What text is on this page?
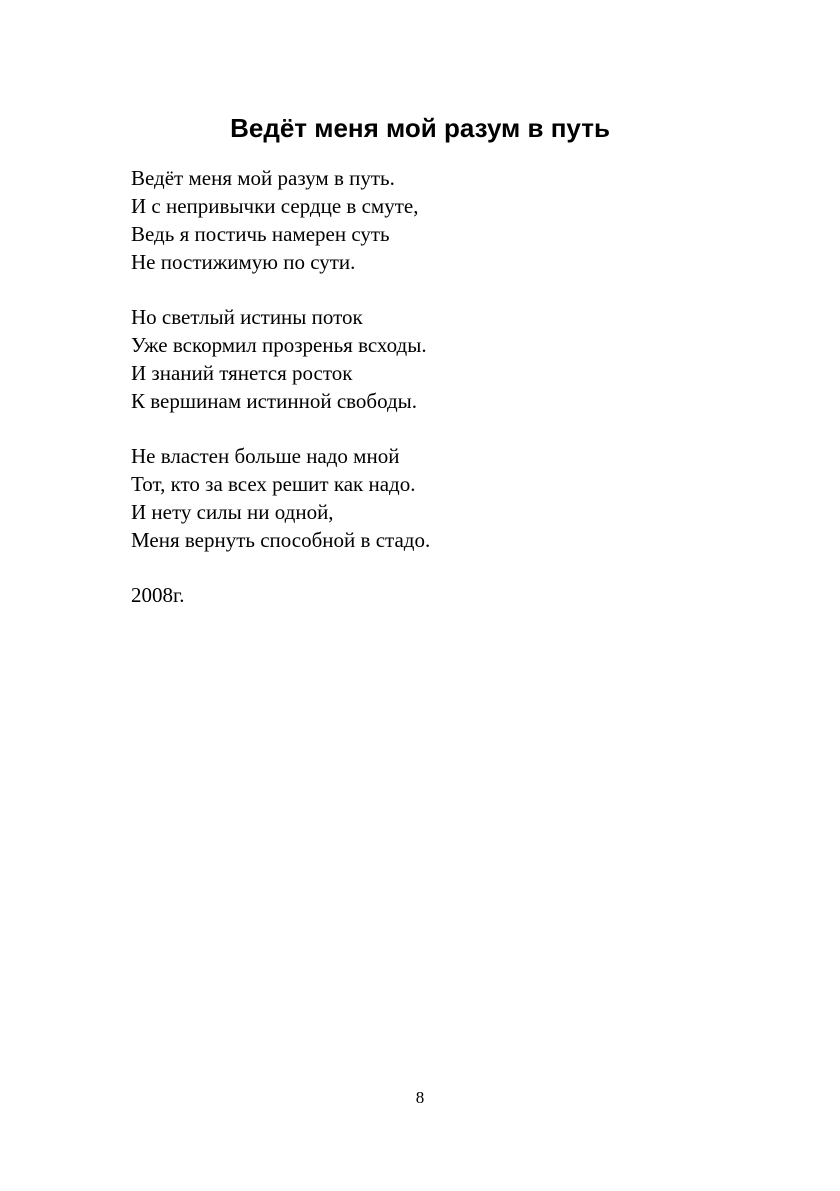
Ведёт меня мой разум в путь
Ведёт меня мой разум в путь.
И с непривычки сердце в смуте,
Ведь я постичь намерен суть
Не постижимую по сути.
Но светлый истины поток
Уже вскормил прозренья всходы.
И знаний тянется росток
К вершинам истинной свободы.
Не властен больше надо мной
Тот, кто за всех решит как надо.
И нету силы ни одной,
Меня вернуть способной в стадо.
2008г.
8
